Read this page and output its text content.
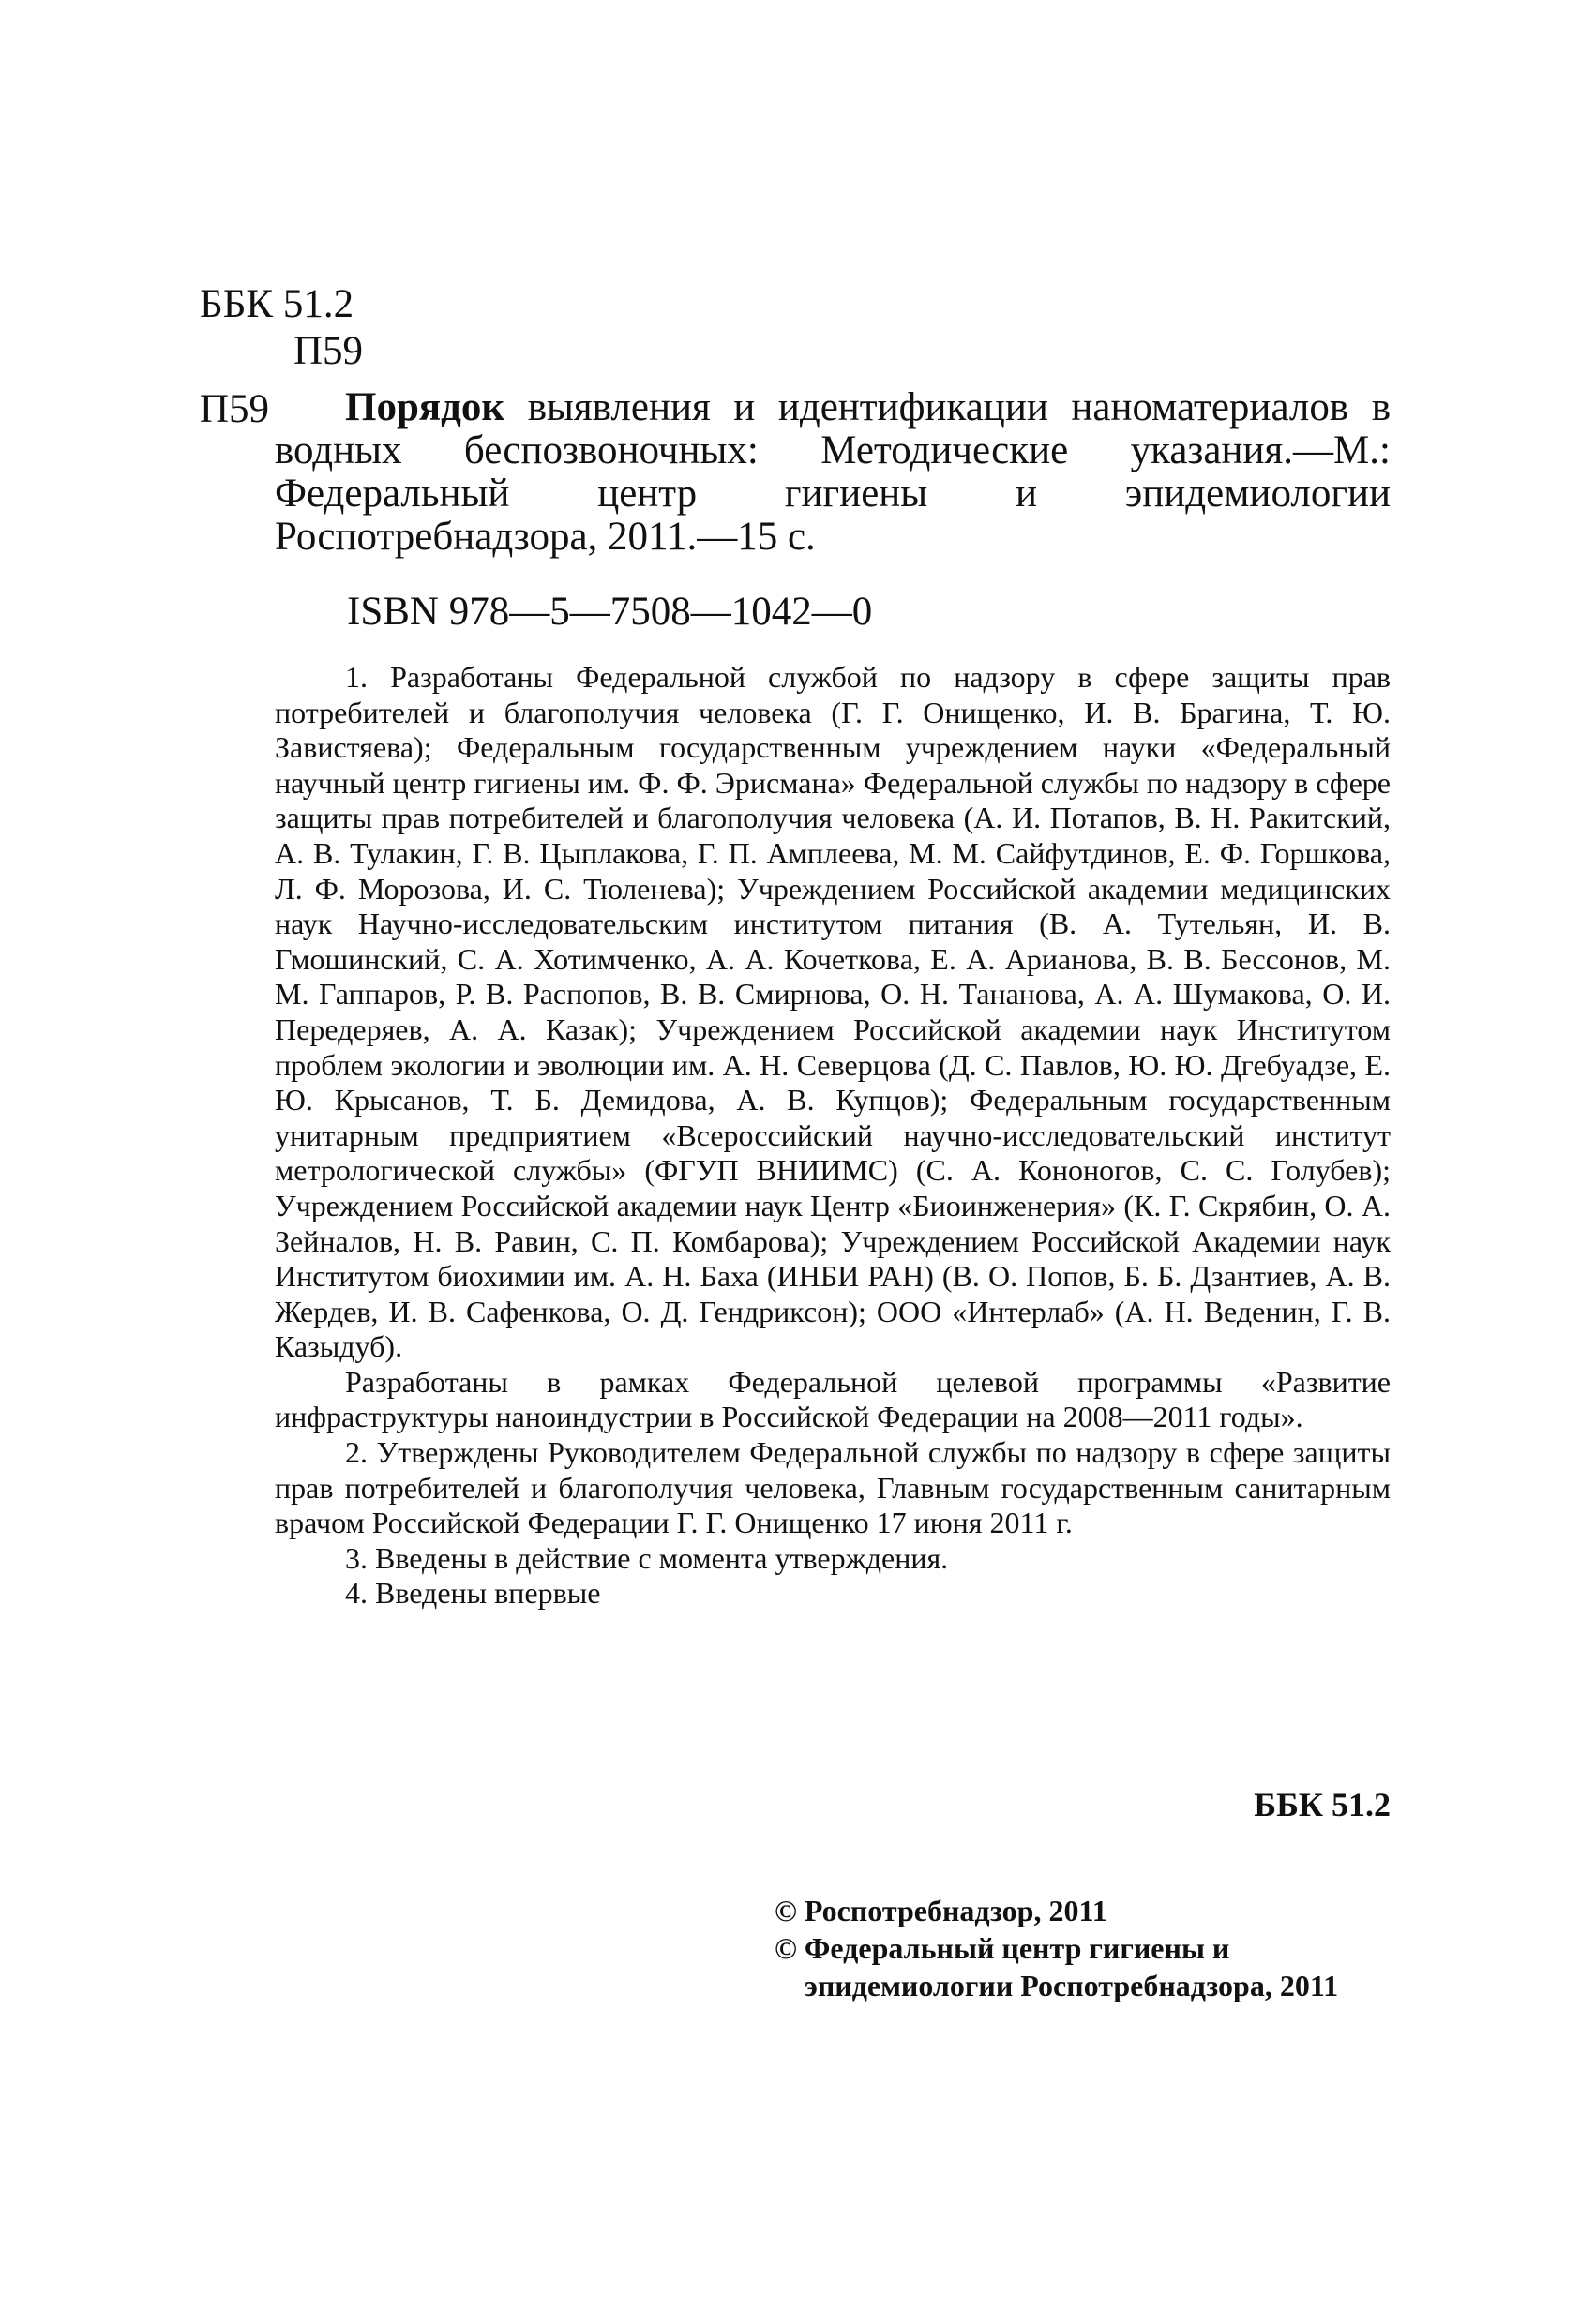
ББК 51.2
П59
П59	Порядок выявления и идентификации наноматериалов в водных беспозвоночных: Методические указания.—М.: Федеральный центр гигиены и эпидемиологии Роспотребнадзора, 2011.—15 с.
ISBN 978—5—7508—1042—0

1. Разработаны Федеральной службой по надзору в сфере защиты прав потребителей и благополучия человека (Г. Г. Онищенко, И. В. Брагина, Т. Ю. Завистяева); Федеральным государственным учреждением науки «Федеральный научный центр гигиены им. Ф. Ф. Эрисмана» Федеральной службы по надзору в сфере защиты прав потребителей и благополучия человека (А. И. Потапов, В. Н. Ракитский, А. В. Тулакин, Г. В. Цыплакова, Г. П. Амплеева, М. М. Сайфутдинов, Е. Ф. Горшкова, Л. Ф. Морозова, И. С. Тюленева); Учреждением Российской академии медицинских наук Научно-исследовательским институтом питания (В. А. Тутельян, И. В. Гмошинский, С. А. Хотимченко, А. А. Кочеткова, Е. А. Арианова, В. В. Бессонов, М. М. Гаппаров, Р. В. Распопов, В. В. Смирнова, О. Н. Тананова, А. А. Шумакова, О. И. Передеряев, А. А. Казак); Учреждением Российской академии наук Институтом проблем экологии и эволюции им. А. Н. Северцова (Д. С. Павлов, Ю. Ю. Дгебуадзе, Е. Ю. Крысанов, Т. Б. Демидова, А. В. Купцов); Федеральным государственным унитарным предприятием «Всероссийский научно-исследовательский институт метрологической службы» (ФГУП ВНИИМС) (С. А. Кононогов, С. С. Голубев); Учреждением Российской академии наук Центр «Биоинженерия» (К. Г. Скрябин, О. А. Зейналов, Н. В. Равин, С. П. Комбарова); Учреждением Российской Академии наук Институтом биохимии им. А. Н. Баха (ИНБИ РАН) (В. О. Попов, Б. Б. Дзантиев, А. В. Жердев, И. В. Сафенкова, О. Д. Гендриксон); ООО «Интерлаб» (А. Н. Веденин, Г. В. Казыдуб).

Разработаны в рамках Федеральной целевой программы «Развитие инфраструктуры наноиндустрии в Российской Федерации на 2008—2011 годы».

2. Утверждены Руководителем Федеральной службы по надзору в сфере защиты прав потребителей и благополучия человека, Главным государственным санитарным врачом Российской Федерации Г. Г. Онищенко 17 июня 2011 г.

3. Введены в действие с момента утверждения.

4. Введены впервые

ББК 51.2
© Роспотребнадзор, 2011
© Федеральный центр гигиены и
эпидемиологии Роспотребнадзора, 2011
